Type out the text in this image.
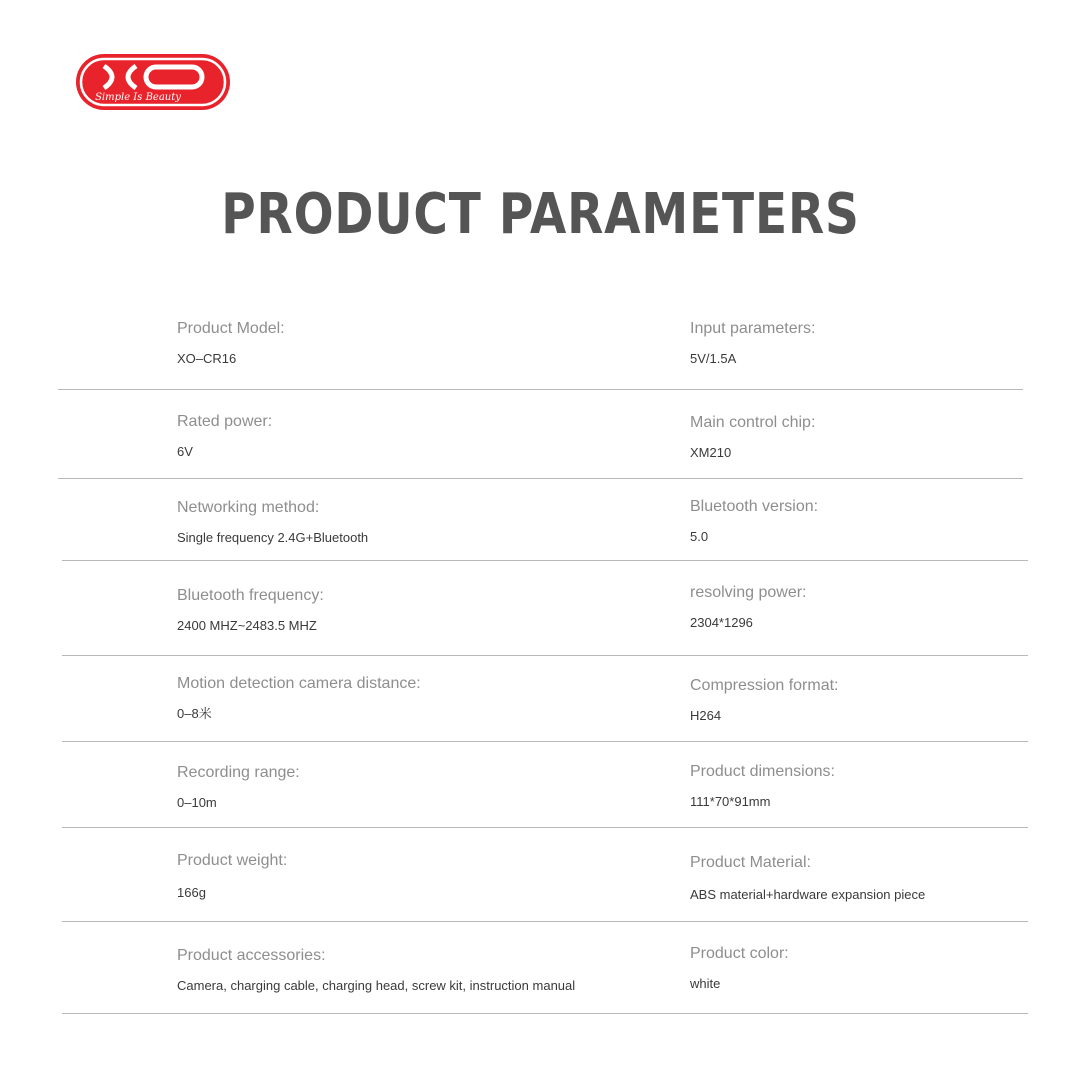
Simple Is Beauty
PRODUCT PARAMETERS
Product Model:
XO–CR16
Input parameters:
5V/1.5A
Rated power:
6V
Main control chip:
XM210
Networking method:
Single frequency 2.4G+Bluetooth
Bluetooth version:
5.0
Bluetooth frequency:
2400 MHZ~2483.5 MHZ
resolving power:
2304*1296
Motion detection camera distance:
0–8米
Compression format:
H264
Recording range:
0–10m
Product dimensions:
111*70*91mm
Product weight:
166g
Product Material:
ABS material+hardware expansion piece
Product accessories:
Camera, charging cable, charging head, screw kit, instruction manual
Product color:
white
